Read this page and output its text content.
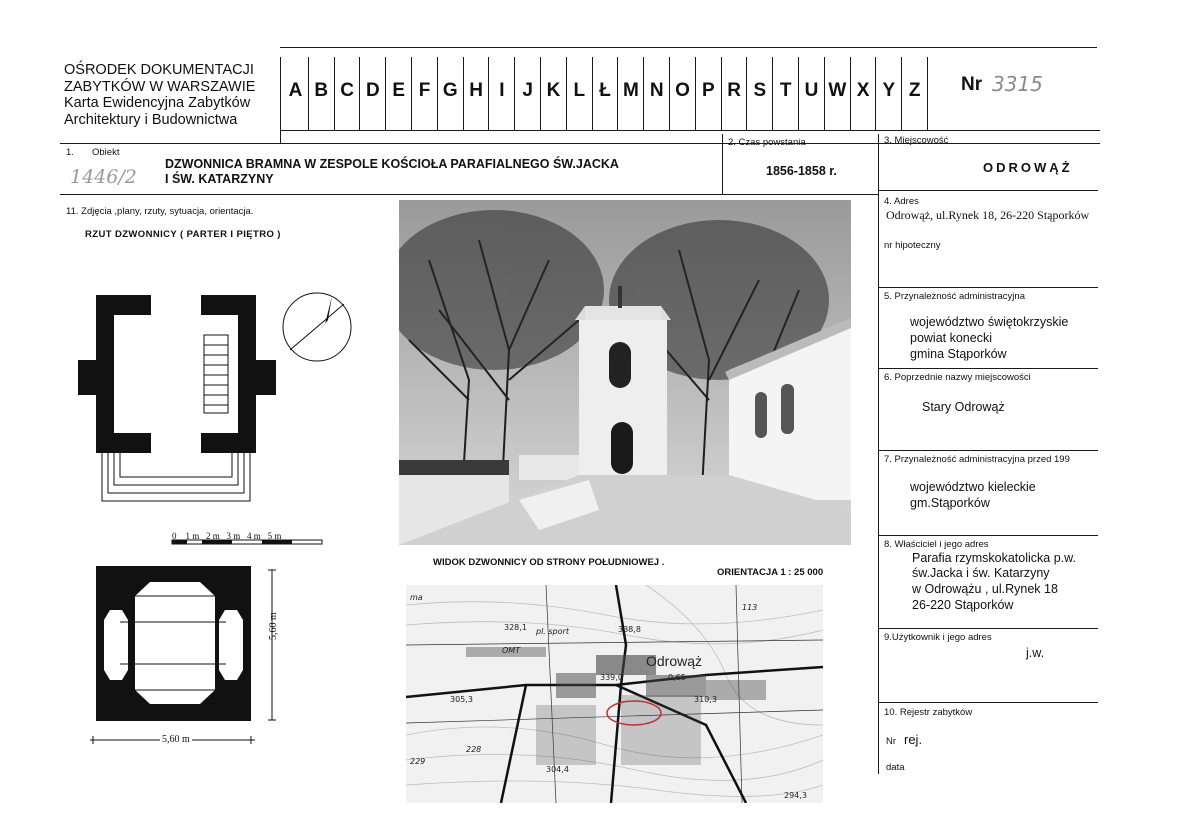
OŚRODEK DOKUMENTACJI
ZABYTKÓW W WARSZAWIE
Karta Ewidencyjna Zabytków
Architektury i Budownictwa
A B C D E F G H I J K L Ł M N O P R S T U W X Y Z	Nr 3315
1. Obiekt
1446/2
DZWONNICA BRAMNA W ZESPOLE KOŚCIOŁA PARAFIALNEGO ŚW.JACKA
I ŚW. KATARZYNY
2. Czas powstania
1856-1858 r.
3. Miejscowość
ODROWĄŻ
4. Adres
Odrowąż, ul.Rynek 18, 26-220 Stąporków
nr hipoteczny
5. Przynależność administracyjna
województwo świętokrzyskie
powiat konecki
gmina Stąporków
6. Poprzednie nazwy miejscowości
Stary Odrowąż
7. Przynależność administracyjna przed 199
województwo kieleckie
gm.Stąporków
8. Właściciel i jego adres
Parafia rzymskokatolicka p.w.
św.Jacka i św. Katarzyny
w Odrowążu , ul.Rynek 18
26-220 Stąporków
9.Użytkownik i jego adres
j.w.
10. Rejestr zabytków
Nr rej.
data
11. Zdjęcia ,plany, rzuty, sytuacja, orientacja.
RZUT DZWONNICY ( PARTER I PIĘTRO )
0 1 m 2 m 3 m 4 m 5 m
5,60 m
5,60 m
WIDOK DZWONNICY OD STRONY POŁUDNIOWEJ .
ORIENTACJA 1 : 25 000
ma
328,1 pl. sport	338,8
Odrowąż
OMT
339,0	0,65
305,3	310,3
113
228
229
304,4
294,3
